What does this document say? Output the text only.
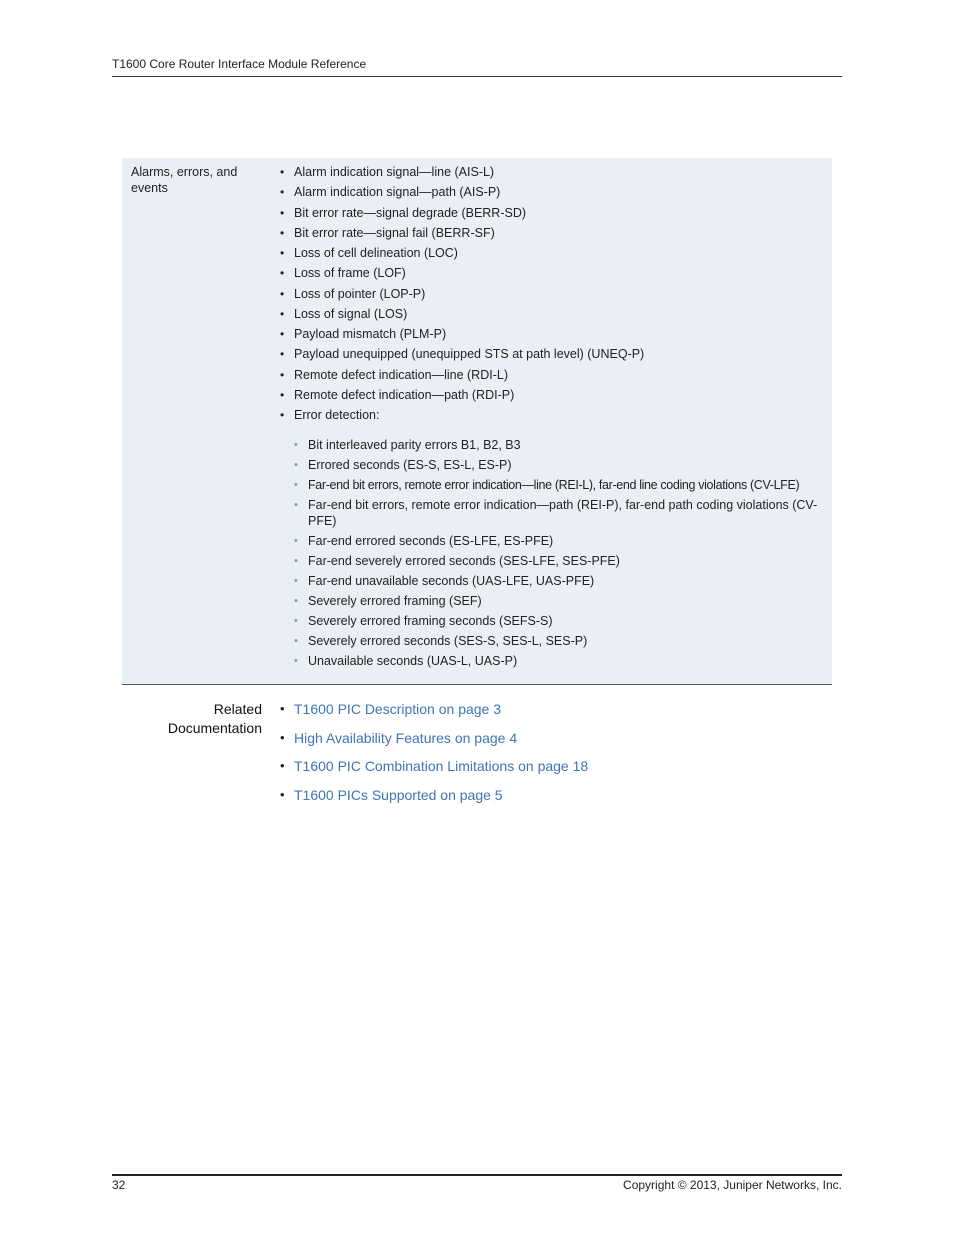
T1600 Core Router Interface Module Reference
Alarms, errors, and events
• Alarm indication signal—line (AIS-L)
• Alarm indication signal—path (AIS-P)
• Bit error rate—signal degrade (BERR-SD)
• Bit error rate—signal fail (BERR-SF)
• Loss of cell delineation (LOC)
• Loss of frame (LOF)
• Loss of pointer (LOP-P)
• Loss of signal (LOS)
• Payload mismatch (PLM-P)
• Payload unequipped (unequipped STS at path level) (UNEQ-P)
• Remote defect indication—line (RDI-L)
• Remote defect indication—path (RDI-P)
• Error detection:
• Bit interleaved parity errors B1, B2, B3
• Errored seconds (ES-S, ES-L, ES-P)
• Far-end bit errors, remote error indication—line (REI-L), far-end line coding violations (CV-LFE)
• Far-end bit errors, remote error indication—path (REI-P), far-end path coding violations (CV-PFE)
• Far-end errored seconds (ES-LFE, ES-PFE)
• Far-end severely errored seconds (SES-LFE, SES-PFE)
• Far-end unavailable seconds (UAS-LFE, UAS-PFE)
• Severely errored framing (SEF)
• Severely errored framing seconds (SEFS-S)
• Severely errored seconds (SES-S, SES-L, SES-P)
• Unavailable seconds (UAS-L, UAS-P)
Related
Documentation
• T1600 PIC Description on page 3
• High Availability Features on page 4
• T1600 PIC Combination Limitations on page 18
• T1600 PICs Supported on page 5
32	Copyright © 2013, Juniper Networks, Inc.
